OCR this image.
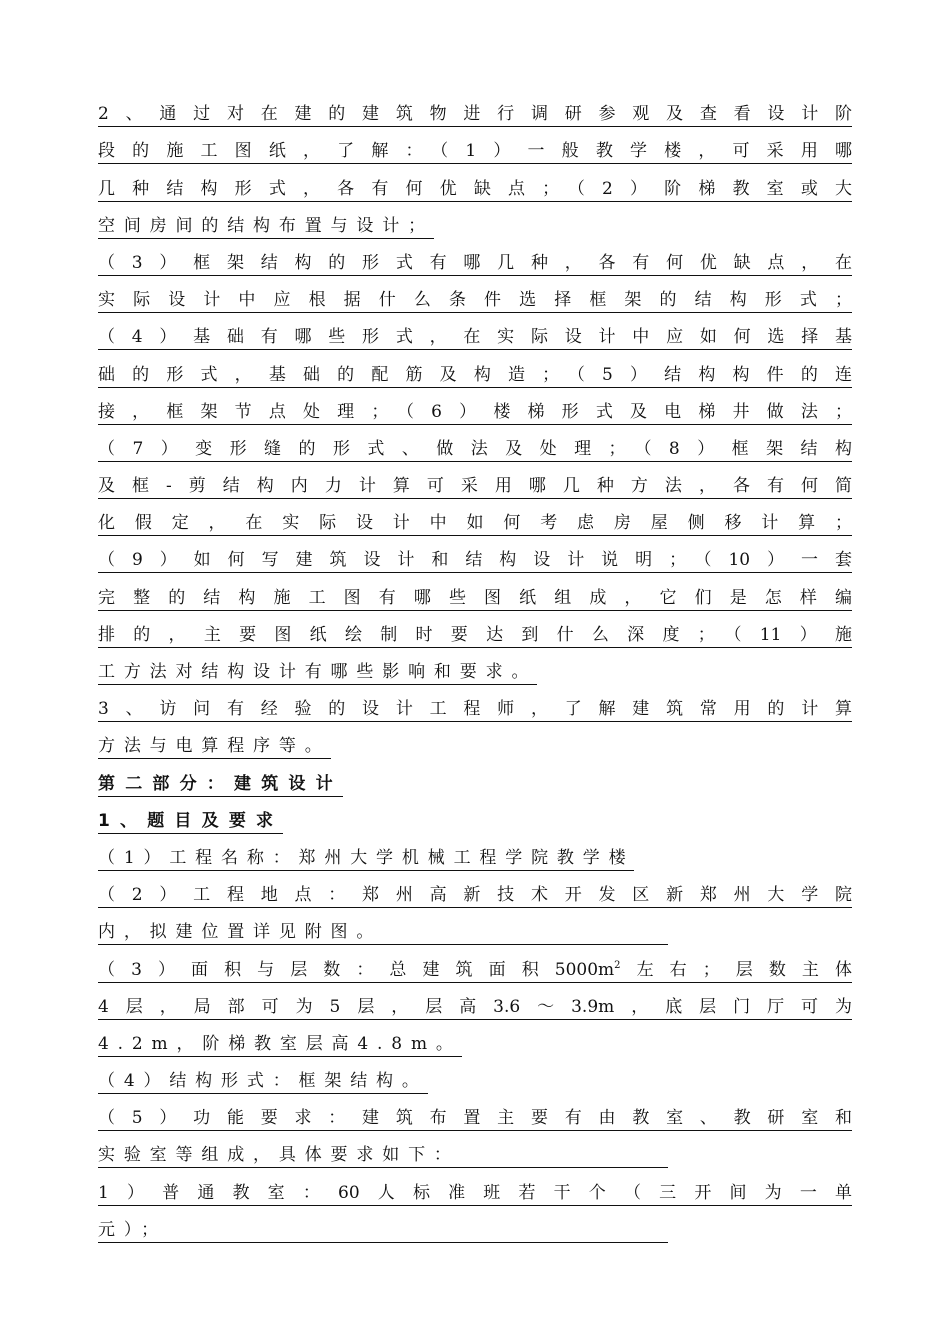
2、通过对在建的建筑物进行调研参观及查看设计阶
段的施工图纸，了解：（1）一般教学楼，可采用哪
几种结构形式，各有何优缺点；（2）阶梯教室或大
空间房间的结构布置与设计；
（3）框架结构的形式有哪几种，各有何优缺点，在
实际设计中应根据什么条件选择框架的结构形式；
（4）基础有哪些形式，在实际设计中应如何选择基
础的形式，基础的配筋及构造；（5）结构构件的连
接，框架节点处理；（6）楼梯形式及电梯井做法；
（7）变形缝的形式、做法及处理；（8）框架结构
及框-剪结构内力计算可采用哪几种方法，各有何简
化假定，在实际设计中如何考虑房屋侧移计算；
（9）如何写建筑设计和结构设计说明；（10）一套
完整的结构施工图有哪些图纸组成，它们是怎样编
排的，主要图纸绘制时要达到什么深度；（11）施
工方法对结构设计有哪些影响和要求。
3、访问有经验的设计工程师，了解建筑常用的计算
方法与电算程序等。
第二部分：建筑设计
1、题目及要求
（1）工程名称：郑州大学机械工程学院教学楼
（2）工程地点：郑州高新技术开发区新郑州大学院
内，拟建位置详见附图。
（3）面积与层数：总建筑面积$5000m^2$左右；层数主体
4层，局部可为5层，层高3.6～3.9m，底层门厅可为
4.2m，阶梯教室层高4.8m。
（4）结构形式：框架结构。
（5）功能要求：建筑布置主要有由教室、教研室和
实验室等组成，具体要求如下：
1）普通教室：60人标准班若干个（三开间为一单
元）；
